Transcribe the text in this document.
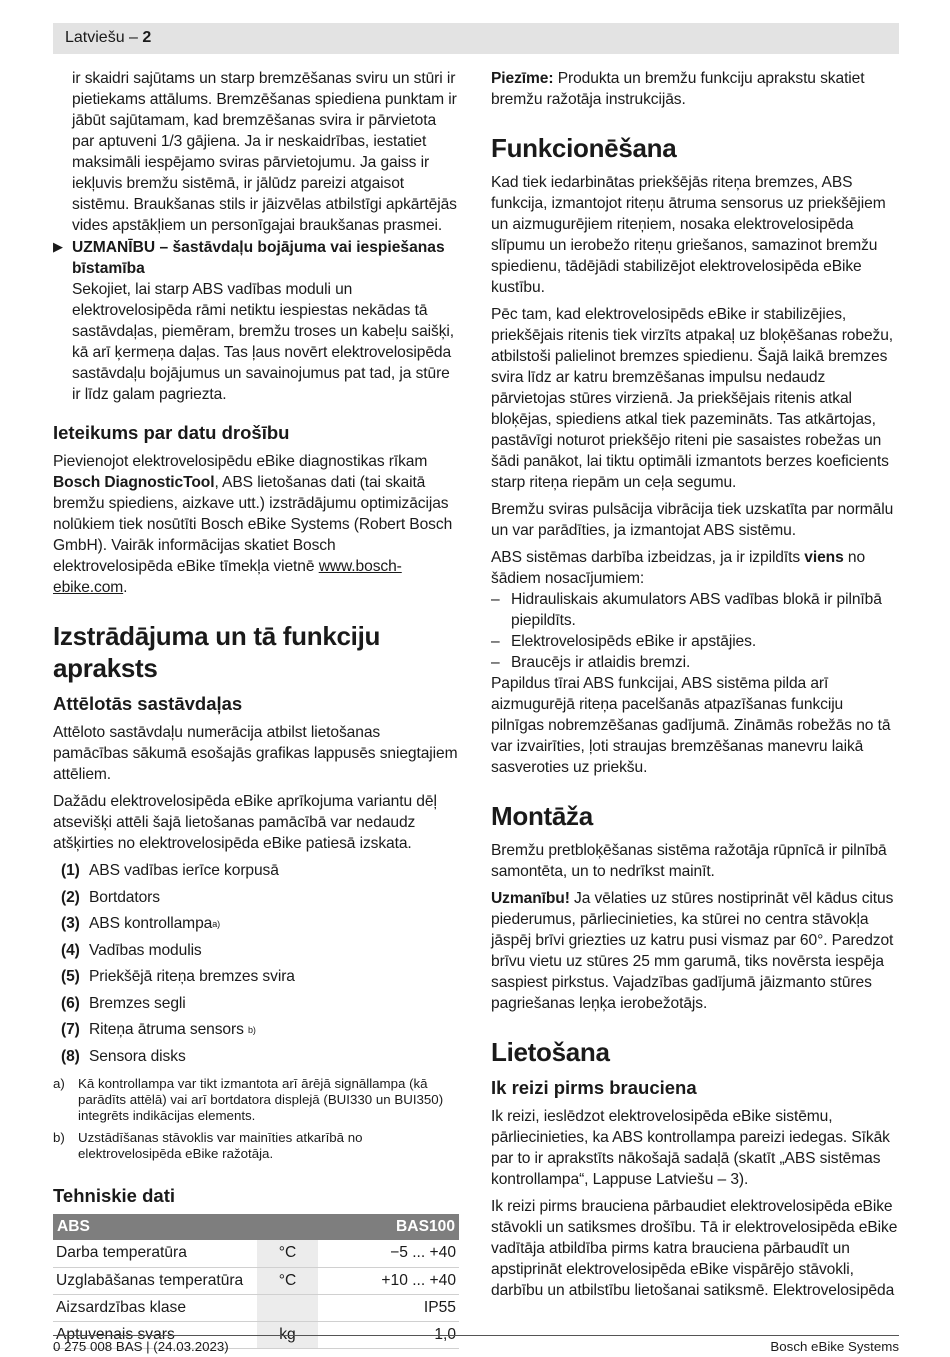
Latviešu – 2

ir skaidri sajūtams un starp bremzēšanas sviru un stūri ir pietiekams attālums. Bremzēšanas spiediena punktam ir jābūt sajūtamam, kad bremzēšanas svira ir pārvietota par aptuveni 1/3 gājiena. Ja ir neskaidrības, iestatiet maksimāli iespējamo sviras pārvietojumu. Ja gaiss ir iekļuvis bremžu sistēmā, ir jālūdz pareizi atgaisot sistēmu. Braukšanas stils ir jāizvēlas atbilstīgi apkārtējās vides apstākļiem un personīgajai braukšanas prasmei.

▶ UZMANĪBU – šastāvdaļu bojājuma vai iespiešanas bīstamība

Sekojiet, lai starp ABS vadības moduli un elektrovelosipēda rāmi netiktu iespiestas nekādas tā sastāvdaļas, piemēram, bremžu troses un kabeļu saišķi, kā arī ķermeņa daļas. Tas ļaus novērt elektrovelosipēda sastāvdaļu bojājumus un savainojumus pat tad, ja stūre ir līdz galam pagriezta.

Ieteikums par datu drošību

Pievienojot elektrovelosipēdu eBike diagnostikas rīkam Bosch DiagnosticTool, ABS lietošanas dati (tai skaitā bremžu spiediens, aizkave utt.) izstrādājumu optimizācijas nolūkiem tiek nosūtīti Bosch eBike Systems (Robert Bosch GmbH). Vairāk informācijas skatiet Bosch elektrovelosipēda eBike tīmekļa vietnē www.bosch-ebike.com.

Izstrādājuma un tā funkciju apraksts
Attēlotās sastāvdaļas

Attēloto sastāvdaļu numerācija atbilst lietošanas pamācības sākumā esošajās grafikas lappusēs sniegtajiem attēliem.

Dažādu elektrovelosipēda eBike aprīkojuma variantu dēļ atsevišķi attēli šajā lietošanas pamācībā var nedaudz atšķirties no elektrovelosipēda eBike patiesā izskata.

(1) ABS vadības ierīce korpusā
(2) Bortdators
(3) ABS kontrollampa a)
(4) Vadības modulis
(5) Priekšējā riteņa bremzes svira
(6) Bremzes segli
(7) Riteņa ātruma sensors b)
(8) Sensora disks
a) Kā kontrollampa var tikt izmantota arī ārējā signāllampa (kā parādīts attēlā) vai arī bortdatora displejā (BUI330 un BUI350) integrēts indikācijas elements.
b) Uzstādīšanas stāvoklis var mainīties atkarībā no elektrovelosipēda eBike ražotāja.
Tehniskie dati
ABS		BAS100
Darba temperatūra	°C	−5 ... +40
Uzglabāšanas temperatūra	°C	+10 ... +40
Aizsardzības klase		IP55
Aptuvenais svars	kg	1,0

Piezīme: Produkta un bremžu funkciju aprakstu skatiet bremžu ražotāja instrukcijās.

Funkcionēšana

Kad tiek iedarbinātas priekšējās riteņa bremzes, ABS funkcija, izmantojot riteņu ātruma sensorus uz priekšējiem un aizmugurējiem riteņiem, nosaka elektrovelosipēda slīpumu un ierobežo riteņu griešanos, samazinot bremžu spiedienu, tādējādi stabilizējot elektrovelosipēda eBike kustību.

Pēc tam, kad elektrovelosipēds eBike ir stabilizējies, priekšējais ritenis tiek virzīts atpakaļ uz bloķēšanas robežu, atbilstoši palielinot bremzes spiedienu. Šajā laikā bremzes svira līdz ar katru bremzēšanas impulsu nedaudz pārvietojas stūres virzienā. Ja priekšējais ritenis atkal bloķējas, spiediens atkal tiek pazemināts. Tas atkārtojas, pastāvīgi noturot priekšējo riteni pie sasaistes robežas un šādi panākot, lai tiktu optimāli izmantots berzes koeficients starp riteņa riepām un ceļa segumu.

Bremžu sviras pulsācija vibrācija tiek uzskatīta par normālu un var parādīties, ja izmantojat ABS sistēmu.

ABS sistēmas darbība izbeidzas, ja ir izpildīts viens no šādiem nosacījumiem:

– Hidrauliskais akumulators ABS vadības blokā ir pilnībā piepildīts.
– Elektrovelosipēds eBike ir apstājies.
– Braucējs ir atlaidis bremzi.

Papildus tīrai ABS funkcijai, ABS sistēma pilda arī aizmugurējā riteņa pacelšanās atpazīšanas funkciju pilnīgas nobremzēšanas gadījumā. Zināmās robežās no tā var izvairīties, ļoti straujas bremzēšanas manevru laikā sasveroties uz priekšu.

Montāža

Bremžu pretbloķēšanas sistēma ražotāja rūpnīcā ir pilnībā samontēta, un to nedrīkst mainīt.

Uzmanību! Ja vēlaties uz stūres nostiprināt vēl kādus citus piederumus, pārliecinieties, ka stūrei no centra stāvokļa jāspēj brīvi griezties uz katru pusi vismaz par 60°. Paredzot brīvu vietu uz stūres 25 mm garumā, tiks novērsta iespēja saspiest pirkstus. Vajadzības gadījumā jāizmanto stūres pagriešanas leņķa ierobežotājs.

Lietošana
Ik reizi pirms brauciena

Ik reizi, ieslēdzot elektrovelosipēda eBike sistēmu, pārliecinieties, ka ABS kontrollampa pareizi iedegas. Sīkāk par to ir aprakstīts nākošajā sadaļā (skatīt „ABS sistēmas kontrollampa“, Lappuse Latviešu – 3).

Ik reizi pirms brauciena pārbaudiet elektrovelosipēda eBike stāvokli un satiksmes drošību. Tā ir elektrovelosipēda eBike vadītāja atbildība pirms katra brauciena pārbaudīt un apstiprināt elektrovelosipēda eBike vispārējo stāvokli, darbību un atbilstību lietošanai satiksmē. Elektrovelosipēda

0 275 008 BAS | (24.03.2023)	Bosch eBike Systems
